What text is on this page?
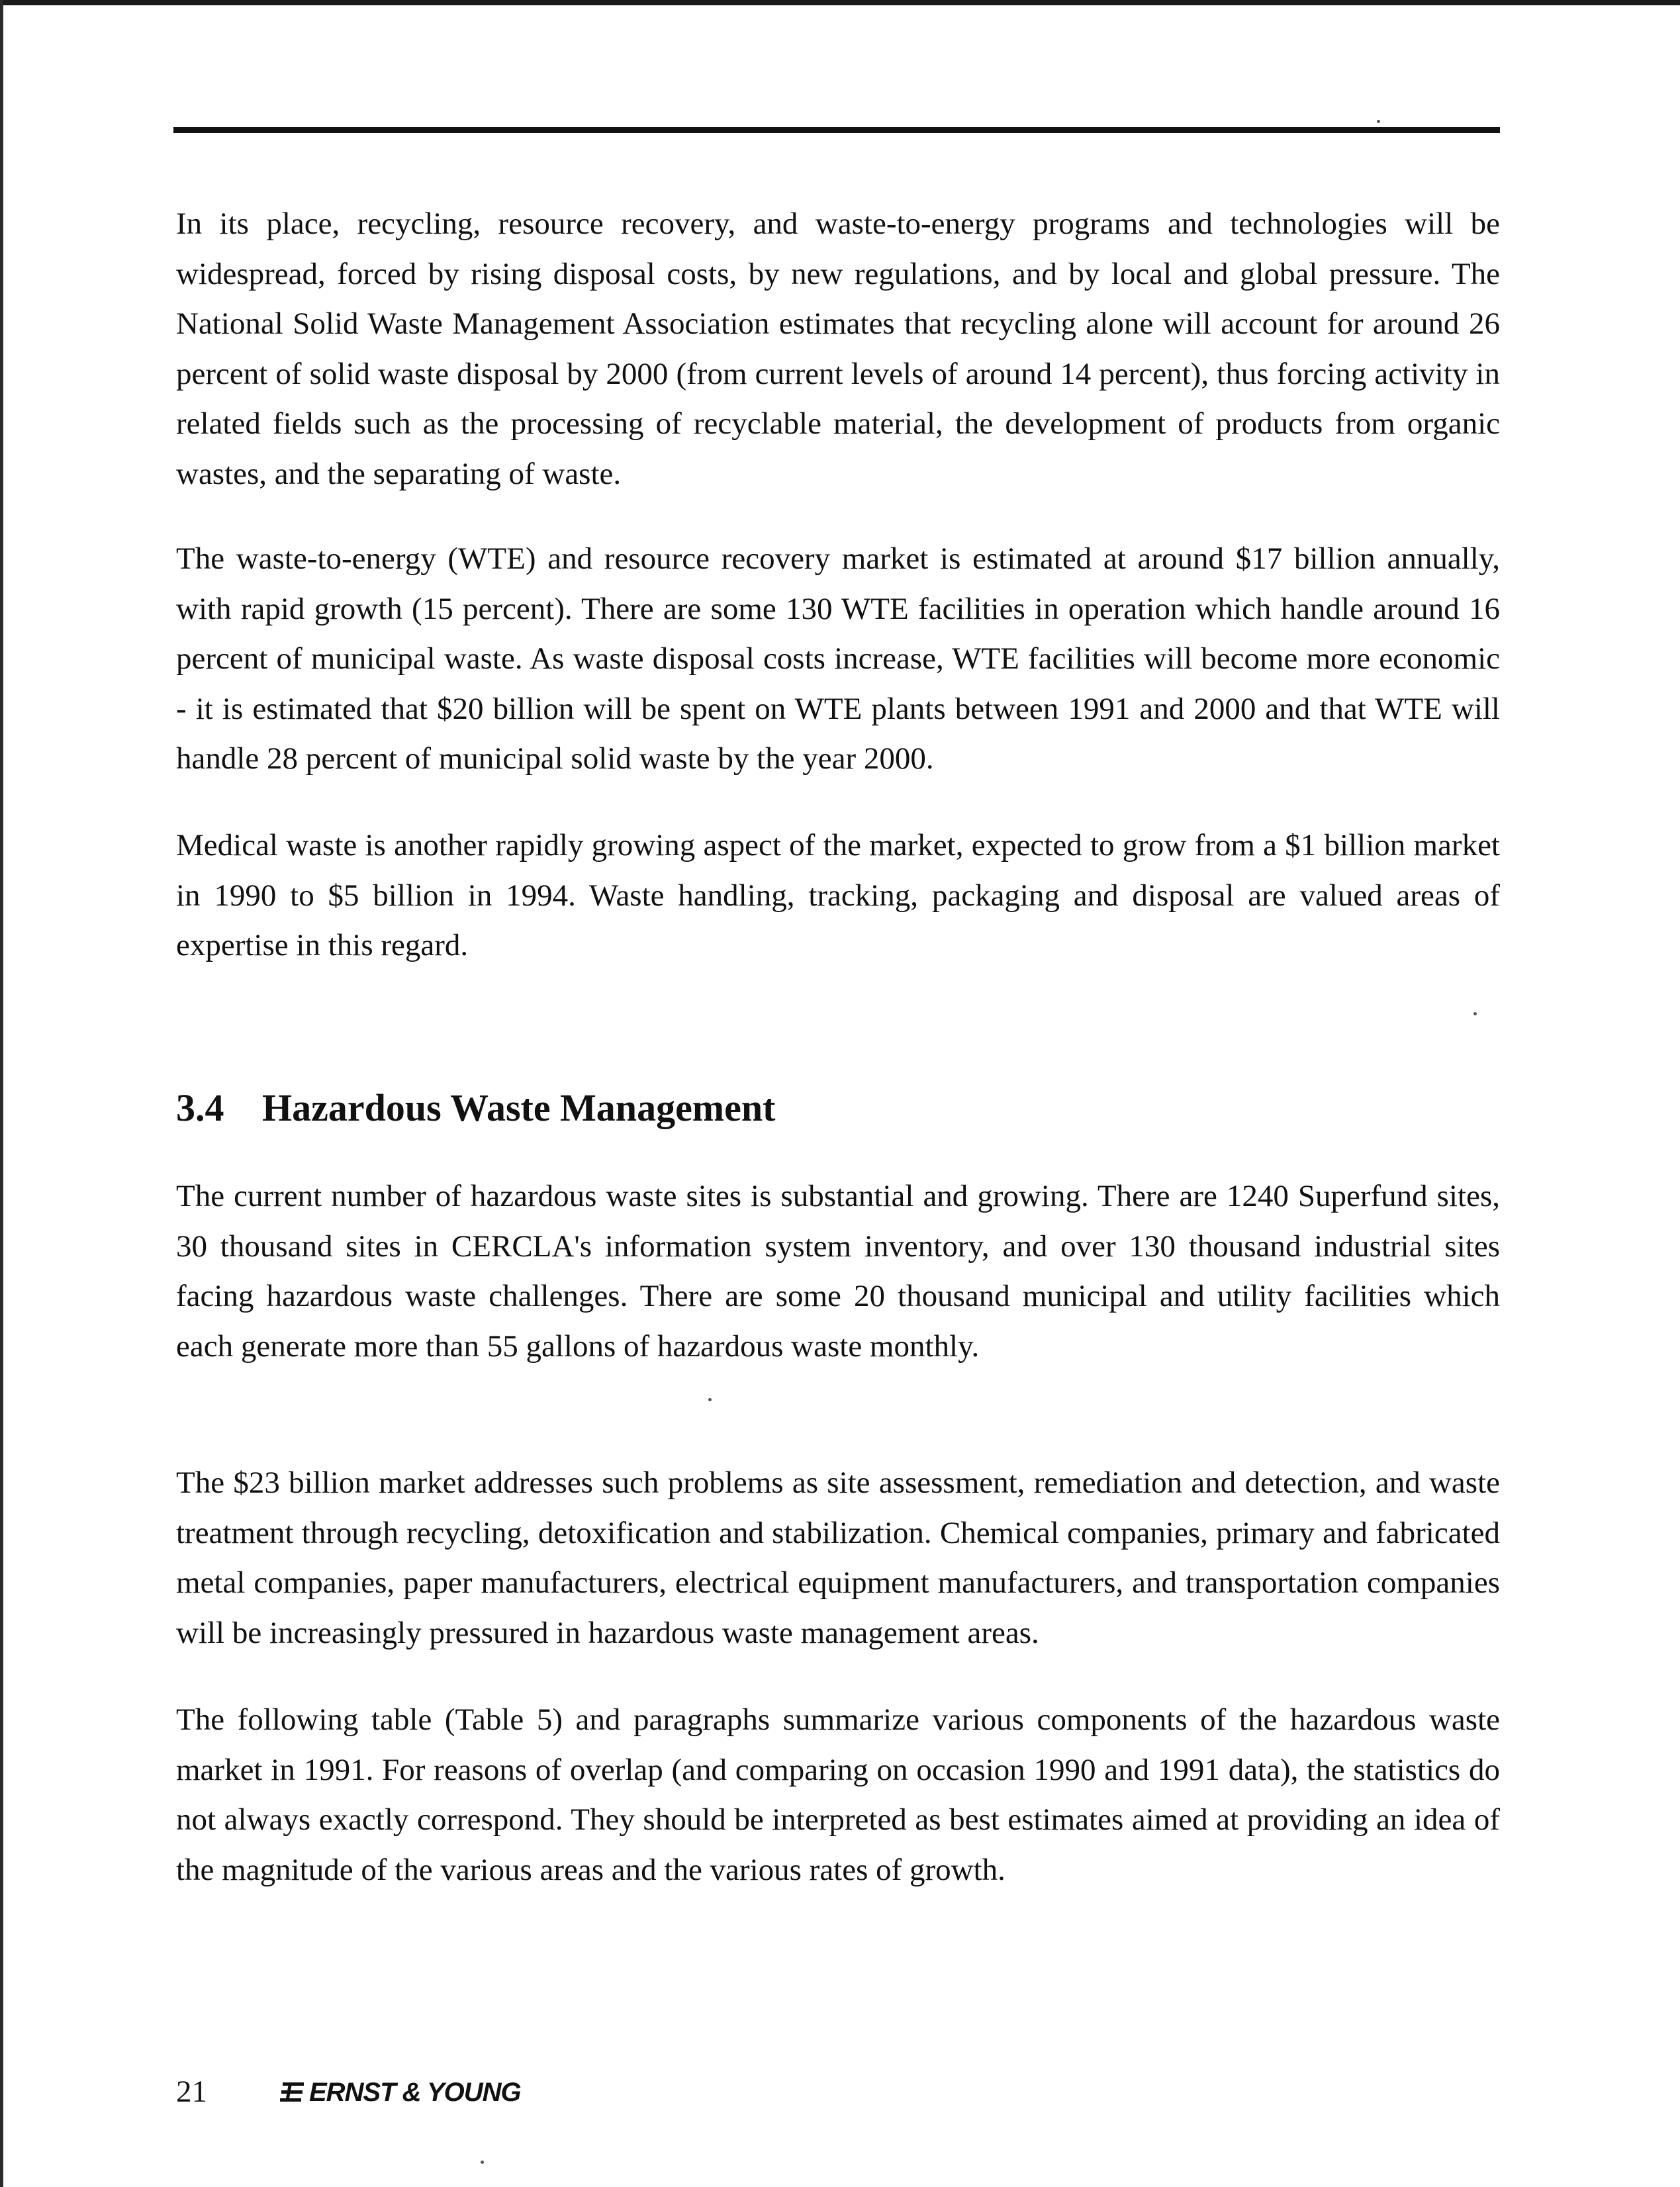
In its place, recycling, resource recovery, and waste-to-energy programs and technologies will be widespread, forced by rising disposal costs, by new regulations, and by local and global pressure. The National Solid Waste Management Association estimates that recycling alone will account for around 26 percent of solid waste disposal by 2000 (from current levels of around 14 percent), thus forcing activity in related fields such as the processing of recyclable material, the development of products from organic wastes, and the separating of waste.

The waste-to-energy (WTE) and resource recovery market is estimated at around $17 billion annually, with rapid growth (15 percent). There are some 130 WTE facilities in operation which handle around 16 percent of municipal waste. As waste disposal costs increase, WTE facilities will become more economic - it is estimated that $20 billion will be spent on WTE plants between 1991 and 2000 and that WTE will handle 28 percent of municipal solid waste by the year 2000.

Medical waste is another rapidly growing aspect of the market, expected to grow from a $1 billion market in 1990 to $5 billion in 1994. Waste handling, tracking, packaging and disposal are valued areas of expertise in this regard.

3.4 Hazardous Waste Management

The current number of hazardous waste sites is substantial and growing. There are 1240 Superfund sites, 30 thousand sites in CERCLA's information system inventory, and over 130 thousand industrial sites facing hazardous waste challenges. There are some 20 thousand municipal and utility facilities which each generate more than 55 gallons of hazardous waste monthly.

The $23 billion market addresses such problems as site assessment, remediation and detection, and waste treatment through recycling, detoxification and stabilization. Chemical companies, primary and fabricated metal companies, paper manufacturers, electrical equipment manufacturers, and transportation companies will be increasingly pressured in hazardous waste management areas.

The following table (Table 5) and paragraphs summarize various components of the hazardous waste market in 1991. For reasons of overlap (and comparing on occasion 1990 and 1991 data), the statistics do not always exactly correspond. They should be interpreted as best estimates aimed at providing an idea of the magnitude of the various areas and the various rates of growth.

21	ERNST & YOUNG
